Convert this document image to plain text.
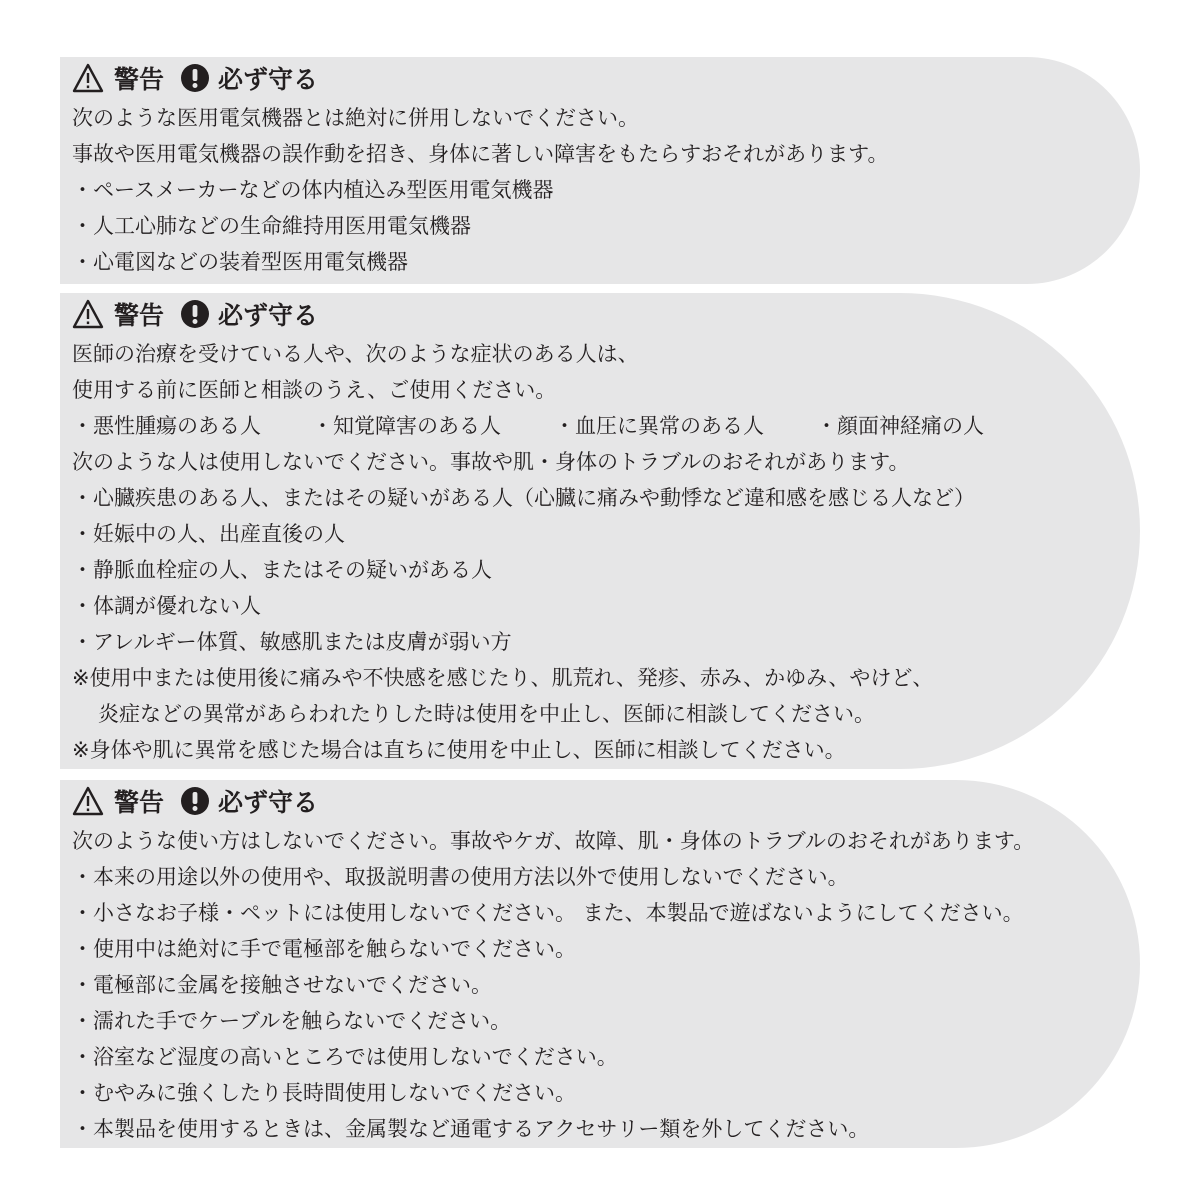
警告 必ず守る
次のような医用電気機器とは絶対に併用しないでください。
事故や医用電気機器の誤作動を招き、身体に著しい障害をもたらすおそれがあります。
・ペースメーカーなどの体内植込み型医用電気機器
・人工心肺などの生命維持用医用電気機器
・心電図などの装着型医用電気機器
警告 必ず守る
医師の治療を受けている人や、次のような症状のある人は、
使用する前に医師と相談のうえ、ご使用ください。
・悪性腫瘍のある人	・知覚障害のある人	・血圧に異常のある人	・顔面神経痛の人
次のような人は使用しないでください。事故や肌・身体のトラブルのおそれがあります。
・心臓疾患のある人、またはその疑いがある人（心臓に痛みや動悸など違和感を感じる人など）
・妊娠中の人、出産直後の人
・静脈血栓症の人、またはその疑いがある人
・体調が優れない人
・アレルギー体質、敏感肌または皮膚が弱い方
※使用中または使用後に痛みや不快感を感じたり、肌荒れ、発疹、赤み、かゆみ、やけど、
炎症などの異常があらわれたりした時は使用を中止し、医師に相談してください。
※身体や肌に異常を感じた場合は直ちに使用を中止し、医師に相談してください。
警告 必ず守る
次のような使い方はしないでください。事故やケガ、故障、肌・身体のトラブルのおそれがあります。
・本来の用途以外の使用や、取扱説明書の使用方法以外で使用しないでください。
・小さなお子様・ペットには使用しないでください。 また、本製品で遊ばないようにしてください。
・使用中は絶対に手で電極部を触らないでください。
・電極部に金属を接触させないでください。
・濡れた手でケーブルを触らないでください。
・浴室など湿度の高いところでは使用しないでください。
・むやみに強くしたり長時間使用しないでください。
・本製品を使用するときは、金属製など通電するアクセサリー類を外してください。
